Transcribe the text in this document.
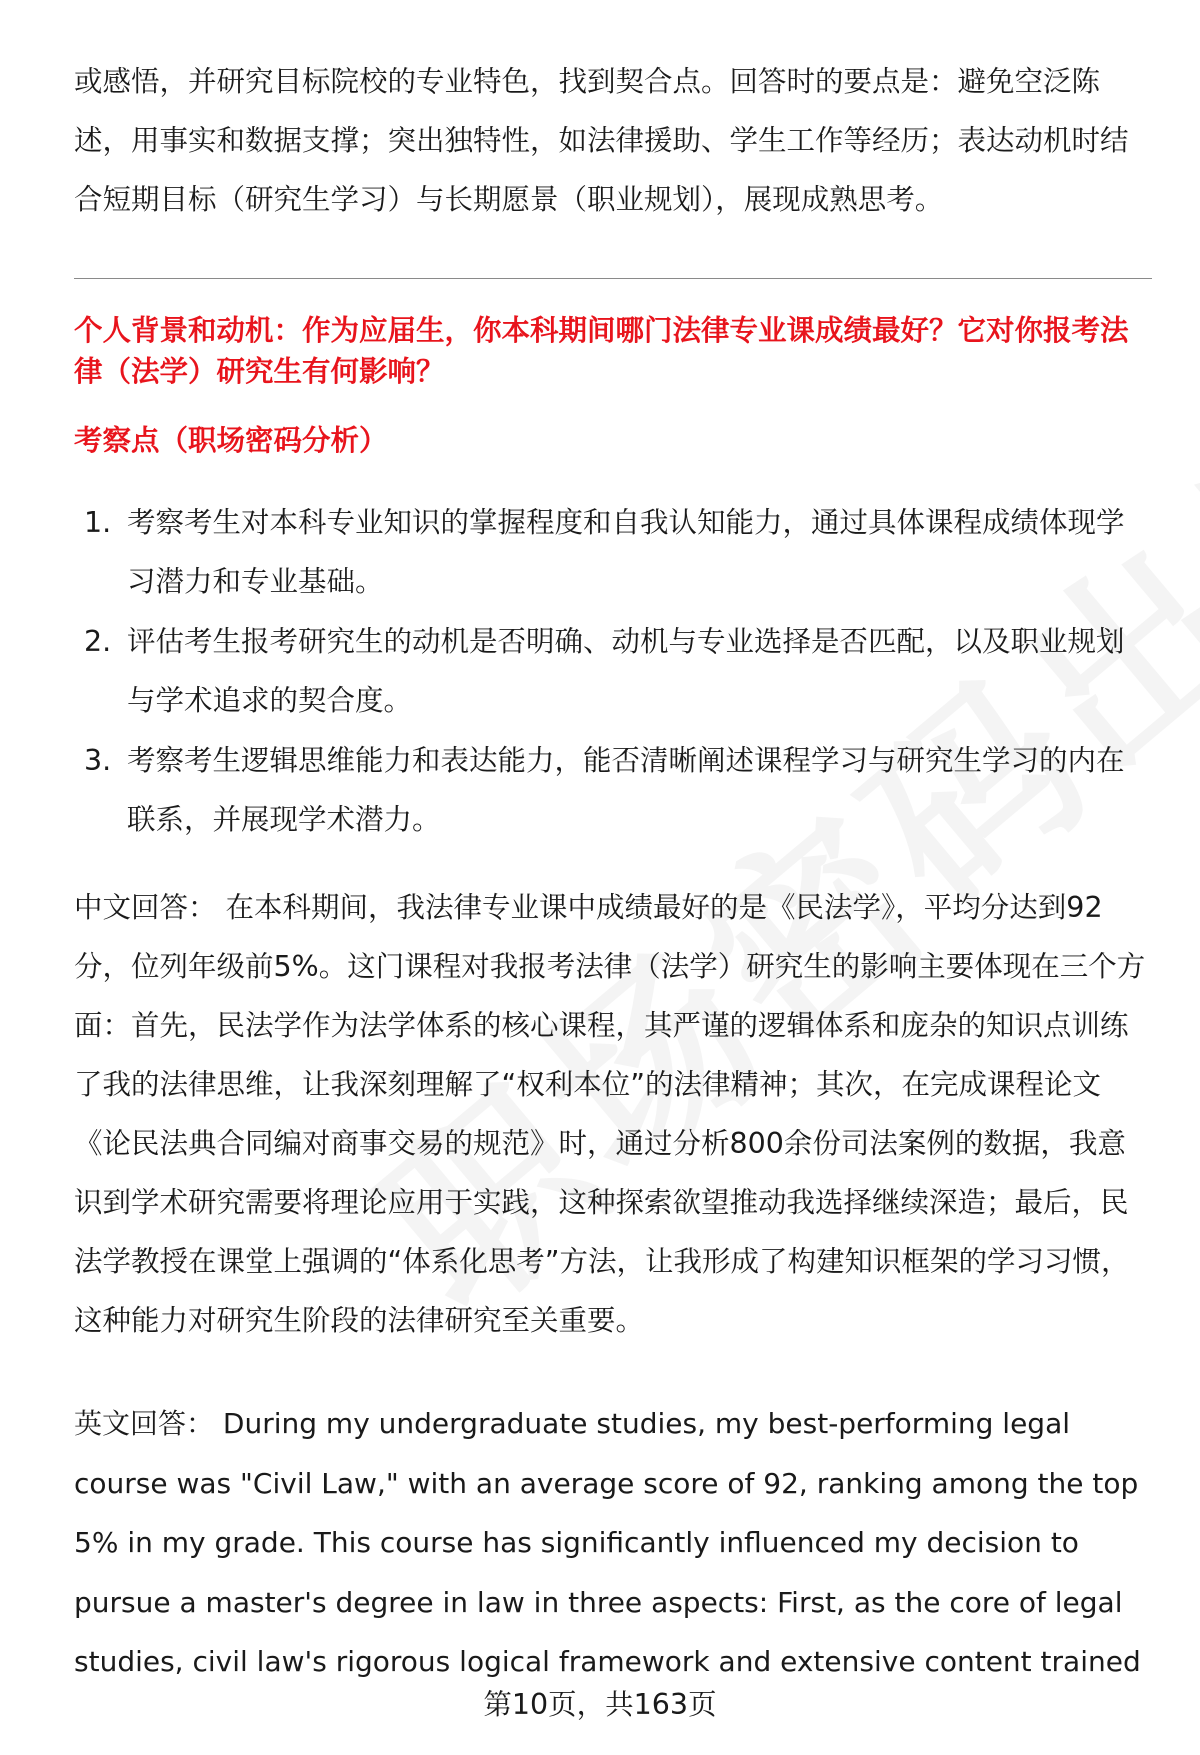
或感悟，并研究目标院校的专业特色，找到契合点。回答时的要点是：避免空泛陈述，用事实和数据支撑；突出独特性，如法律援助、学生工作等经历；表达动机时结合短期目标（研究生学习）与长期愿景（职业规划），展现成熟思考。

个人背景和动机：作为应届生，你本科期间哪门法律专业课成绩最好？它对你报考法律（法学）研究生有何影响？

考察点（职场密码分析）

1. 考察考生对本科专业知识的掌握程度和自我认知能力，通过具体课程成绩体现学习潜力和专业基础。
2. 评估考生报考研究生的动机是否明确、动机与专业选择是否匹配，以及职业规划与学术追求的契合度。
3. 考察考生逻辑思维能力和表达能力，能否清晰阐述课程学习与研究生学习的内在联系，并展现学术潜力。

中文回答： 在本科期间，我法律专业课中成绩最好的是《民法学》，平均分达到92分，位列年级前5%。这门课程对我报考法律（法学）研究生的影响主要体现在三个方面：首先，民法学作为法学体系的核心课程，其严谨的逻辑体系和庞杂的知识点训练了我的法律思维，让我深刻理解了“权利本位”的法律精神；其次，在完成课程论文《论民法典合同编对商事交易的规范》时，通过分析800余份司法案例的数据，我意识到学术研究需要将理论应用于实践，这种探索欲望推动我选择继续深造；最后，民法学教授在课堂上强调的“体系化思考”方法，让我形成了构建知识框架的学习习惯，这种能力对研究生阶段的法律研究至关重要。

英文回答： During my undergraduate studies, my best-performing legal course was "Civil Law," with an average score of 92, ranking among the top 5% in my grade. This course has significantly influenced my decision to pursue a master's degree in law in three aspects: First, as the core of legal studies, civil law's rigorous logical framework and extensive content trained

第10页，共163页
